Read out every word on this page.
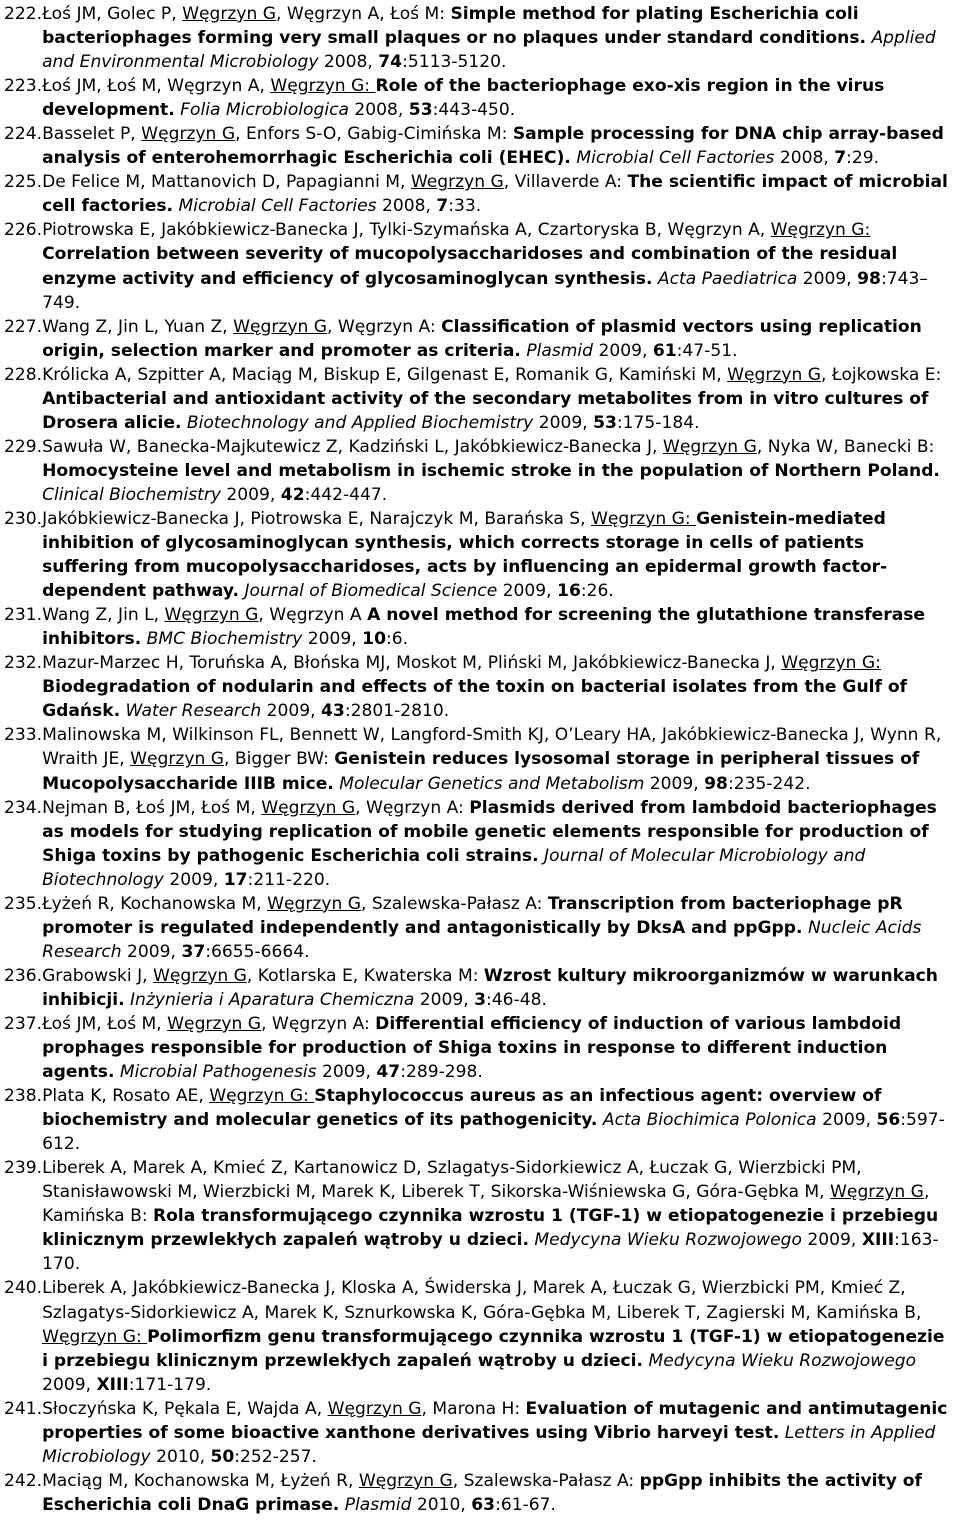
222. Łoś JM, Golec P, Węgrzyn G, Węgrzyn A, Łoś M: Simple method for plating Escherichia coli bacteriophages forming very small plaques or no plaques under standard conditions. Applied and Environmental Microbiology 2008, 74:5113-5120.
223. Łoś JM, Łoś M, Węgrzyn A, Węgrzyn G: Role of the bacteriophage exo-xis region in the virus development. Folia Microbiologica 2008, 53:443-450.
224. Basselet P, Węgrzyn G, Enfors S-O, Gabig-Cimińska M: Sample processing for DNA chip array-based analysis of enterohemorrhagic Escherichia coli (EHEC). Microbial Cell Factories 2008, 7:29.
225. De Felice M, Mattanovich D, Papagianni M, Wegrzyn G, Villaverde A: The scientific impact of microbial cell factories. Microbial Cell Factories 2008, 7:33.
226. Piotrowska E, Jakóbkiewicz-Banecka J, Tylki-Szymańska A, Czartoryska B, Węgrzyn A, Węgrzyn G: Correlation between severity of mucopolysaccharidoses and combination of the residual enzyme activity and efficiency of glycosaminoglycan synthesis. Acta Paediatrica 2009, 98:743–749.
227. Wang Z, Jin L, Yuan Z, Węgrzyn G, Węgrzyn A: Classification of plasmid vectors using replication origin, selection marker and promoter as criteria. Plasmid 2009, 61:47-51.
228. Królicka A, Szpitter A, Maciąg M, Biskup E, Gilgenast E, Romanik G, Kamiński M, Węgrzyn G, Łojkowska E: Antibacterial and antioxidant activity of the secondary metabolites from in vitro cultures of Drosera alicie. Biotechnology and Applied Biochemistry 2009, 53:175-184.
229. Sawuła W, Banecka-Majkutewicz Z, Kadziński L, Jakóbkiewicz-Banecka J, Węgrzyn G, Nyka W, Banecki B: Homocysteine level and metabolism in ischemic stroke in the population of Northern Poland. Clinical Biochemistry 2009, 42:442-447.
230. Jakóbkiewicz-Banecka J, Piotrowska E, Narajczyk M, Barańska S, Węgrzyn G: Genistein-mediated inhibition of glycosaminoglycan synthesis, which corrects storage in cells of patients suffering from mucopolysaccharidoses, acts by influencing an epidermal growth factor-dependent pathway. Journal of Biomedical Science 2009, 16:26.
231. Wang Z, Jin L, Węgrzyn G, Węgrzyn A A novel method for screening the glutathione transferase inhibitors. BMC Biochemistry 2009, 10:6.
232. Mazur-Marzec H, Toruńska A, Błońska MJ, Moskot M, Pliński M, Jakóbkiewicz-Banecka J, Węgrzyn G: Biodegradation of nodularin and effects of the toxin on bacterial isolates from the Gulf of Gdańsk. Water Research 2009, 43:2801-2810.
233. Malinowska M, Wilkinson FL, Bennett W, Langford-Smith KJ, O’Leary HA, Jakóbkiewicz-Banecka J, Wynn R, Wraith JE, Węgrzyn G, Bigger BW: Genistein reduces lysosomal storage in peripheral tissues of Mucopolysaccharide IIIB mice. Molecular Genetics and Metabolism 2009, 98:235-242.
234. Nejman B, Łoś JM, Łoś M, Węgrzyn G, Węgrzyn A: Plasmids derived from lambdoid bacteriophages as models for studying replication of mobile genetic elements responsible for production of Shiga toxins by pathogenic Escherichia coli strains. Journal of Molecular Microbiology and Biotechnology 2009, 17:211-220.
235. Łyżeń R, Kochanowska M, Węgrzyn G, Szalewska-Pałasz A: Transcription from bacteriophage pR promoter is regulated independently and antagonistically by DksA and ppGpp. Nucleic Acids Research 2009, 37:6655-6664.
236. Grabowski J, Węgrzyn G, Kotlarska E, Kwaterska M: Wzrost kultury mikroorganizmów w warunkach inhibicji. Inżynieria i Aparatura Chemiczna 2009, 3:46-48.
237. Łoś JM, Łoś M, Węgrzyn G, Węgrzyn A: Differential efficiency of induction of various lambdoid prophages responsible for production of Shiga toxins in response to different induction agents. Microbial Pathogenesis 2009, 47:289-298.
238. Plata K, Rosato AE, Węgrzyn G: Staphylococcus aureus as an infectious agent: overview of biochemistry and molecular genetics of its pathogenicity. Acta Biochimica Polonica 2009, 56:597-612.
239. Liberek A, Marek A, Kmieć Z, Kartanowicz D, Szlagatys-Sidorkiewicz A, Łuczak G, Wierzbicki PM, Stanisławowski M, Wierzbicki M, Marek K, Liberek T, Sikorska-Wiśniewska G, Góra-Gębka M, Węgrzyn G, Kamińska B: Rola transformującego czynnika wzrostu 1 (TGF-1) w etiopatogenezie i przebiegu klinicznym przewlekłych zapaleń wątroby u dzieci. Medycyna Wieku Rozwojowego 2009, XIII:163-170.
240. Liberek A, Jakóbkiewicz-Banecka J, Kloska A, Świderska J, Marek A, Łuczak G, Wierzbicki PM, Kmieć Z, Szlagatys-Sidorkiewicz A, Marek K, Sznurkowska K, Góra-Gębka M, Liberek T, Zagierski M, Kamińska B, Węgrzyn G: Polimorfizm genu transformującego czynnika wzrostu 1 (TGF-1) w etiopatogenezie i przebiegu klinicznym przewlekłych zapaleń wątroby u dzieci. Medycyna Wieku Rozwojowego 2009, XIII:171-179.
241. Słoczyńska K, Pękala E, Wajda A, Węgrzyn G, Marona H: Evaluation of mutagenic and antimutagenic properties of some bioactive xanthone derivatives using Vibrio harveyi test. Letters in Applied Microbiology 2010, 50:252-257.
242. Maciąg M, Kochanowska M, Łyżeń R, Węgrzyn G, Szalewska-Pałasz A: ppGpp inhibits the activity of Escherichia coli DnaG primase. Plasmid 2010, 63:61-67.
